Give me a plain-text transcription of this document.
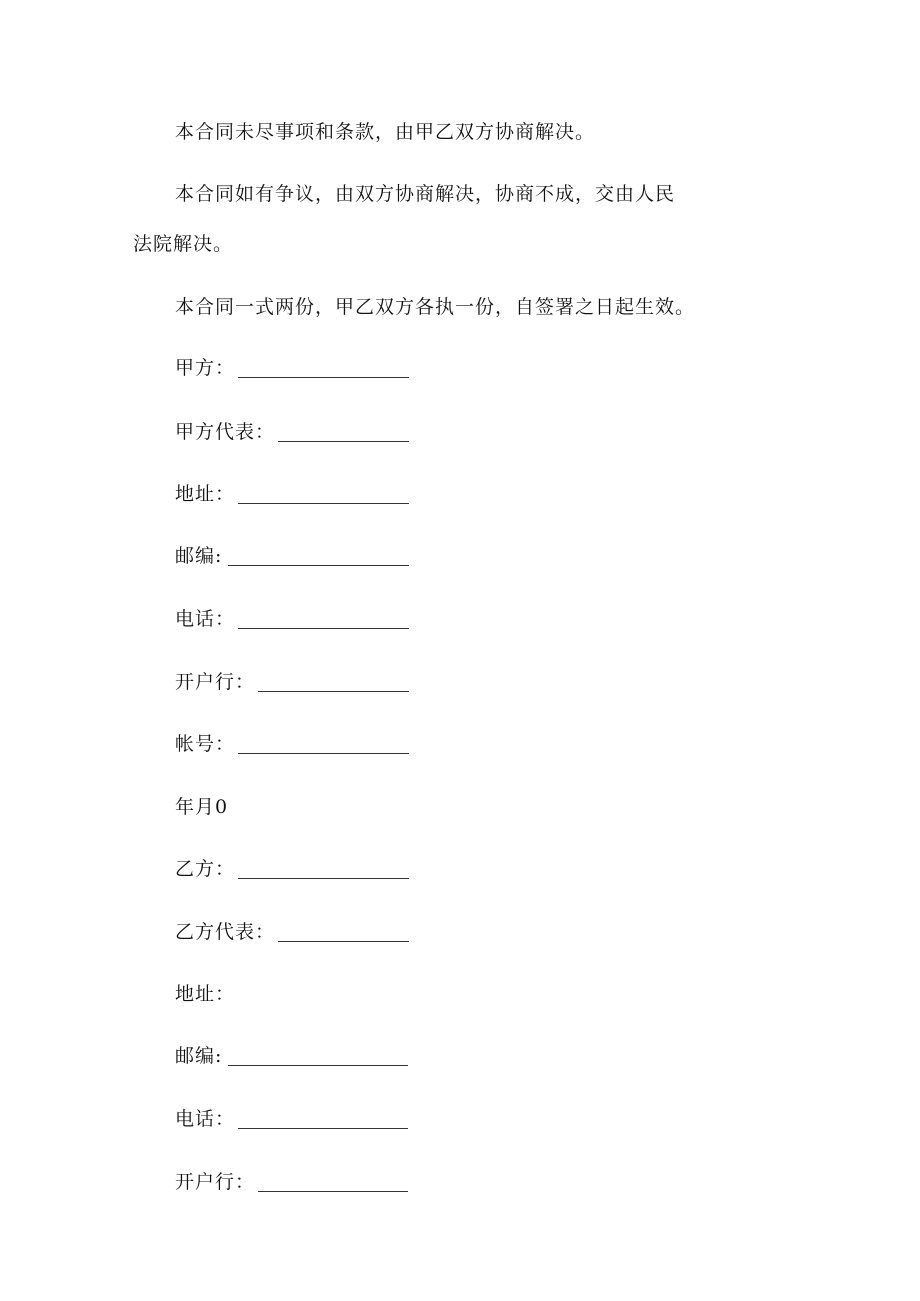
本合同未尽事项和条款，由甲乙双方协商解决。

本合同如有争议，由双方协商解决，协商不成，交由人民

法院解决。

本合同一式两份，甲乙双方各执一份，自签署之日起生效。

甲方：
甲方代表：
地址：
邮编:
电话：
开户行：
帐号：
年月0
乙方：
乙方代表：
地址：
邮编:
电话：
开户行：
